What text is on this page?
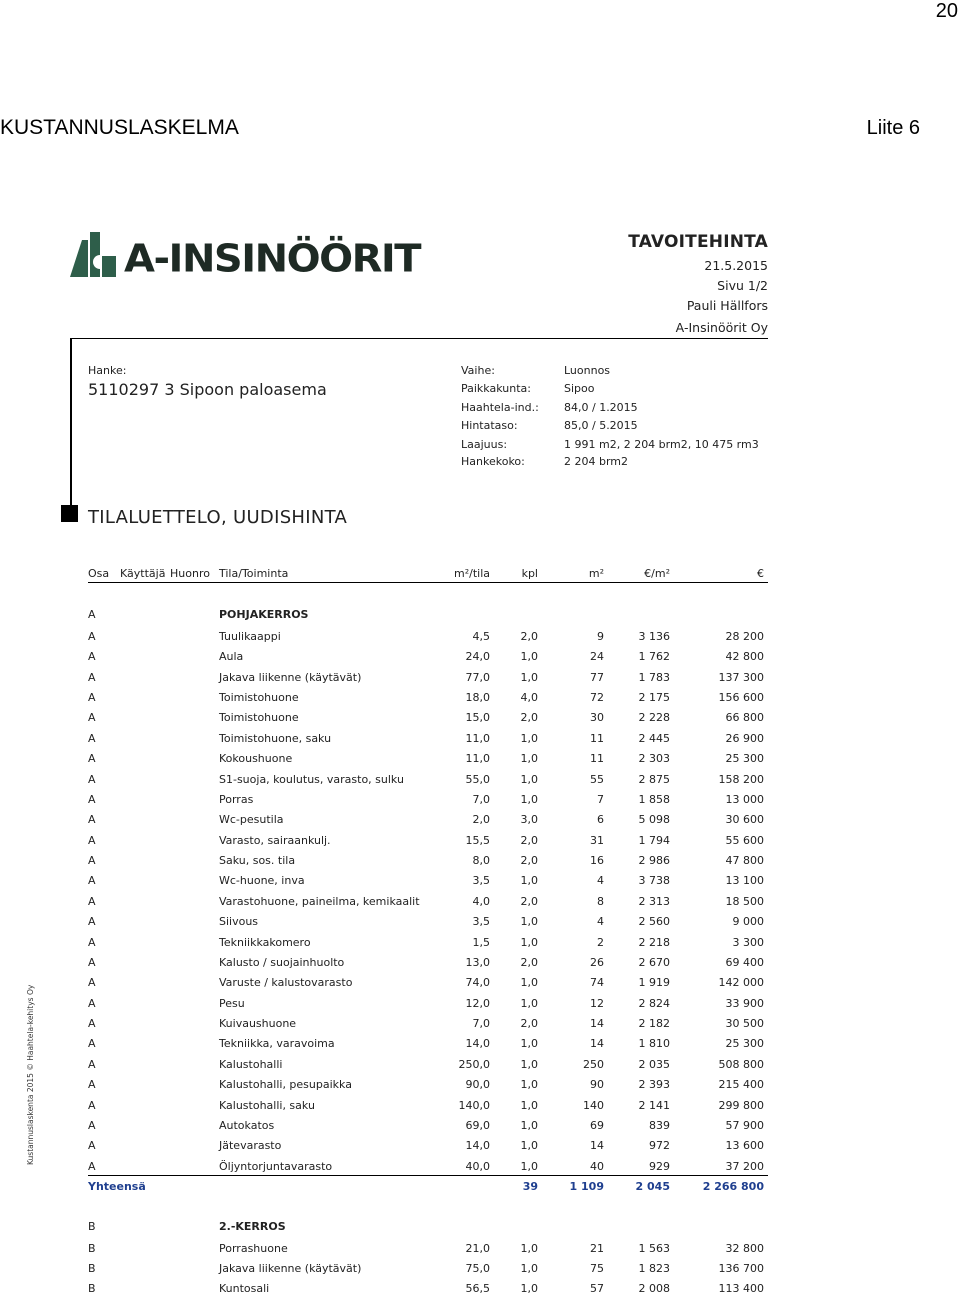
20
KUSTANNUSLASKELMA	Liite 6
A-INSINÖÖRIT	TAVOITEHINTA
21.5.2015
Sivu 1/2
Pauli Hällfors
A-Insinöörit Oy
Hanke:
5110297 3 Sipoon paloasema
Vaihe:	Luonnos
Paikkakunta:	Sipoo
Haahtela-ind.: 84,0 / 1.2015
Hintataso:	85,0 / 5.2015
Laajuus:	1 991 m2, 2 204 brm2, 10 475 rm3
Hankekoko:	2 204 brm2
TILALUETTELO, UUDISHINTA
Osa Käyttäjä Huonro Tila/Toiminta	m²/tila	kpl	m²	€/m²	€
A	POHJAKERROS
A	Tuulikaappi	4,5	2,0	9	3 136	28 200
A	Aula	24,0	1,0	24	1 762	42 800
A	Jakava liikenne (käytävät)	77,0	1,0	77	1 783	137 300
A	Toimistohuone	18,0	4,0	72	2 175	156 600
A	Toimistohuone	15,0	2,0	30	2 228	66 800
A	Toimistohuone, saku	11,0	1,0	11	2 445	26 900
A	Kokoushuone	11,0	1,0	11	2 303	25 300
A	S1-suoja, koulutus, varasto, sulku	55,0	1,0	55	2 875	158 200
A	Porras	7,0	1,0	7	1 858	13 000
A	Wc-pesutila	2,0	3,0	6	5 098	30 600
A	Varasto, sairaankulj.	15,5	2,0	31	1 794	55 600
A	Saku, sos. tila	8,0	2,0	16	2 986	47 800
A	Wc-huone, inva	3,5	1,0	4	3 738	13 100
A	Varastohuone, paineilma, kemikaalit	4,0	2,0	8	2 313	18 500
A	Siivous	3,5	1,0	4	2 560	9 000
A	Tekniikkakomero	1,5	1,0	2	2 218	3 300
A	Kalusto / suojainhuolto	13,0	2,0	26	2 670	69 400
A	Varuste / kalustovarasto	74,0	1,0	74	1 919	142 000
A	Pesu	12,0	1,0	12	2 824	33 900
A	Kuivaushuone	7,0	2,0	14	2 182	30 500
A	Tekniikka, varavoima	14,0	1,0	14	1 810	25 300
A	Kalustohalli	250,0	1,0	250	2 035	508 800
A	Kalustohalli, pesupaikka	90,0	1,0	90	2 393	215 400
A	Kalustohalli, saku	140,0	1,0	140	2 141	299 800
A	Autokatos	69,0	1,0	69	839	57 900
A	Jätevarasto	14,0	1,0	14	972	13 600
A	Öljyntorjuntavarasto	40,0	1,0	40	929	37 200
Yhteensä	39	1 109	2 045	2 266 800
B	2.-KERROS
B	Porrashuone	21,0	1,0	21	1 563	32 800
B	Jakava liikenne (käytävät)	75,0	1,0	75	1 823	136 700
B	Kuntosali	56,5	1,0	57	2 008	113 400
Kustannuslaskenta 2015 © Haahtela-kehitys Oy
